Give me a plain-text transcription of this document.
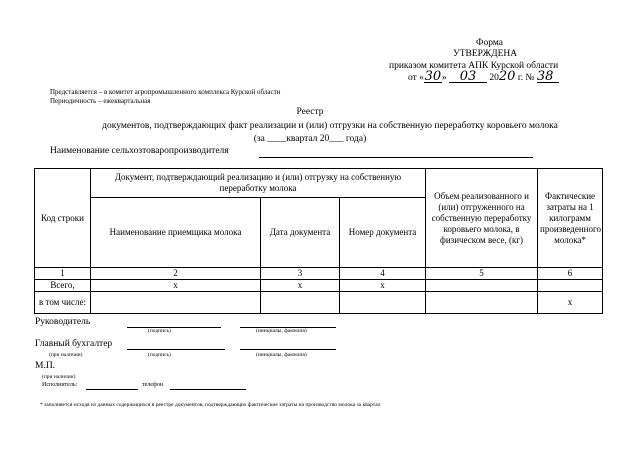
Форма
УТВЕРЖДЕНА
приказом комитета АПК Курской области
от «30» 03 2020 г. № 38
Представляется – в комитет агропромышленного комплекса Курской области
Периодичность – ежеквартальная
Реестр
документов, подтверждающих факт реализации и (или) отгрузки на собственную переработку коровьего молока
(за ____квартал 20___ года)
Наименование сельхозтоваропроизводителя
Код строки	Документ, подтверждающий реализацию и (или) отгрузку на собственную переработку молока			Объем реализованного и (или) отгруженного на собственную переработку коровьего молока, в физическом весе, (кг)	Фактические затраты на 1 килограмм произведенного молока*
	Наименование приемщика молока	Дата документа	Номер документа		
1	2	3	4	5	6
Всего,	х	х	х		
в том числе:					х
Руководитель
(подпись)	(инициалы, фамилия)
Главный бухгалтер
(при наличии)	(подпись)	(инициалы, фамилия)
М.П.
(при наличии)
Исполнитель:	телефон
* заполняется исходя из данных содержащихся в реестре документов, подтверждающих фактические затраты на производство молока за квартал
